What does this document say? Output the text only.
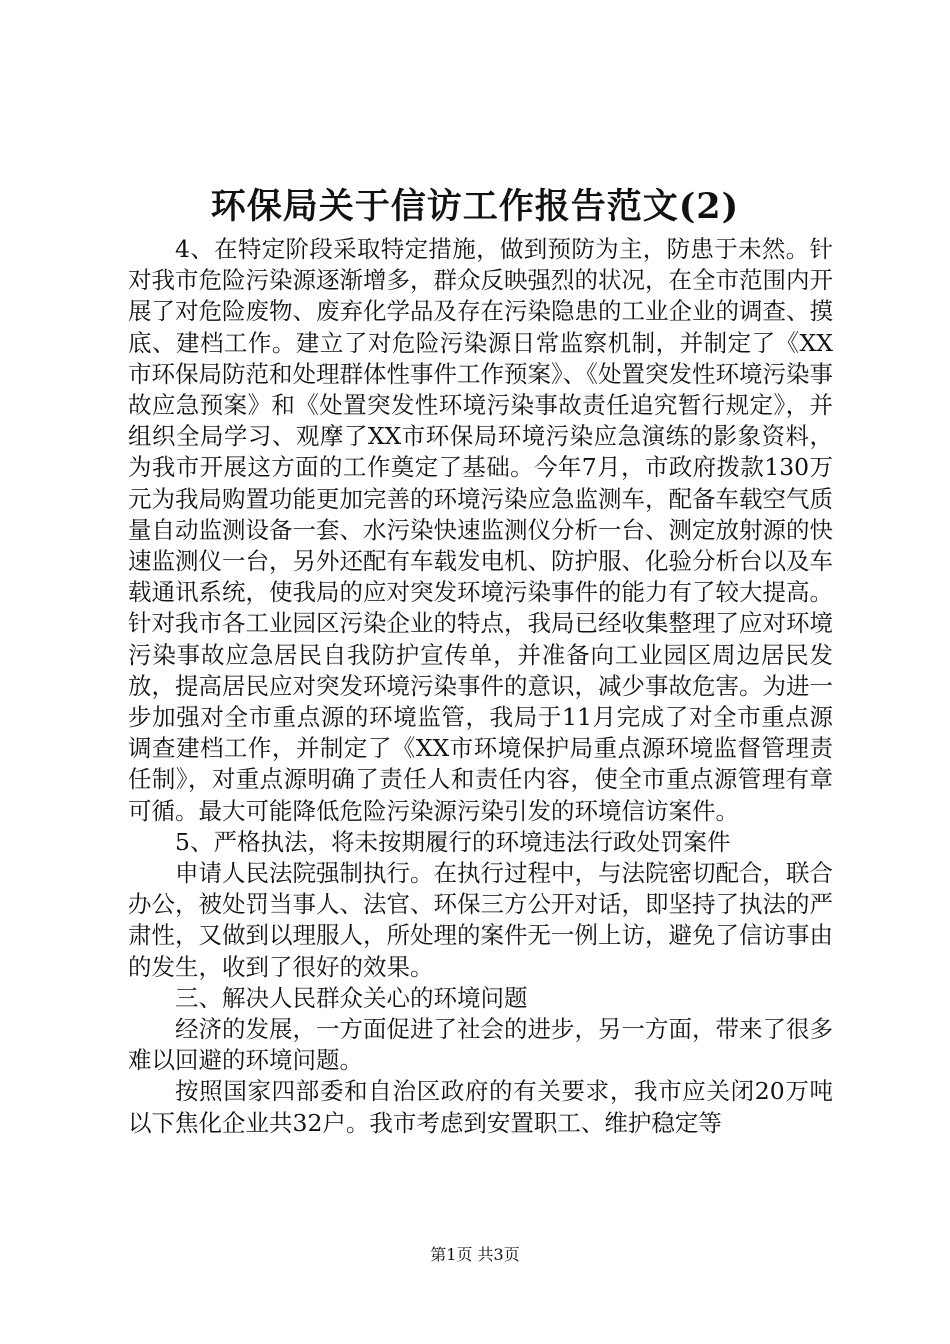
环保局关于信访工作报告范文(2)

4、在特定阶段采取特定措施，做到预防为主，防患于未然。针对我市危险污染源逐渐增多，群众反映强烈的状况，在全市范围内开展了对危险废物、废弃化学品及存在污染隐患的工业企业的调查、摸底、建档工作。建立了对危险污染源日常监察机制，并制定了《XX市环保局防范和处理群体性事件工作预案》、《处置突发性环境污染事故应急预案》和《处置突发性环境污染事故责任追究暂行规定》，并组织全局学习、观摩了XX市环保局环境污染应急演练的影象资料，为我市开展这方面的工作奠定了基础。今年7月，市政府拨款130万元为我局购置功能更加完善的环境污染应急监测车，配备车载空气质量自动监测设备一套、水污染快速监测仪分析一台、测定放射源的快速监测仪一台，另外还配有车载发电机、防护服、化验分析台以及车载通讯系统，使我局的应对突发环境污染事件的能力有了较大提高。针对我市各工业园区污染企业的特点，我局已经收集整理了应对环境污染事故应急居民自我防护宣传单，并准备向工业园区周边居民发放，提高居民应对突发环境污染事件的意识，减少事故危害。为进一步加强对全市重点源的环境监管，我局于11月完成了对全市重点源调查建档工作，并制定了《XX市环境保护局重点源环境监督管理责任制》，对重点源明确了责任人和责任内容，使全市重点源管理有章可循。最大可能降低危险污染源污染引发的环境信访案件。

5、严格执法，将未按期履行的环境违法行政处罚案件

申请人民法院强制执行。在执行过程中，与法院密切配合，联合办公，被处罚当事人、法官、环保三方公开对话，即坚持了执法的严肃性，又做到以理服人，所处理的案件无一例上访，避免了信访事由的发生，收到了很好的效果。

三、解决人民群众关心的环境问题

经济的发展，一方面促进了社会的进步，另一方面，带来了很多难以回避的环境问题。

按照国家四部委和自治区政府的有关要求，我市应关闭20万吨以下焦化企业共32户。我市考虑到安置职工、维护稳定等

第1页 共3页
